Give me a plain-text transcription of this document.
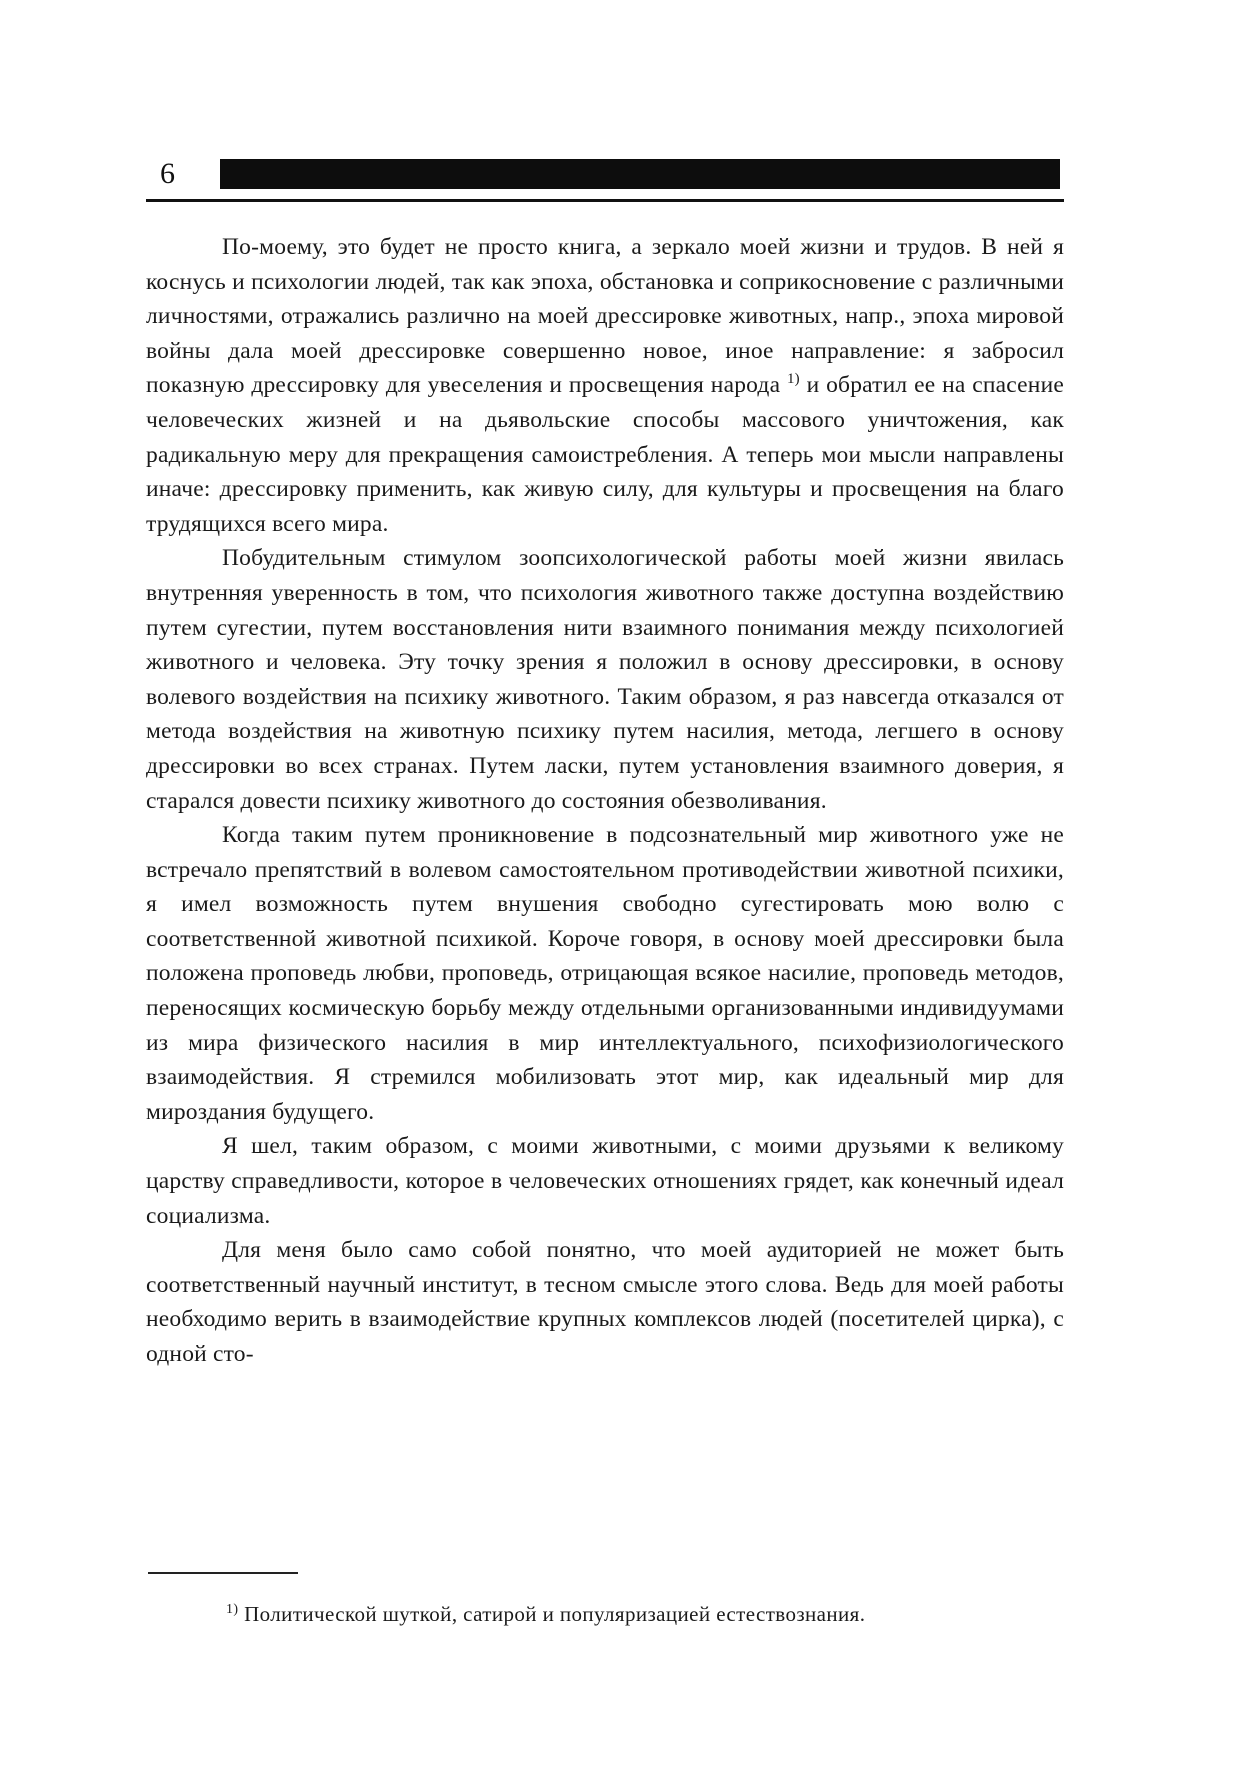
6

По-моему, это будет не просто книга, а зеркало моей жизни и трудов. В ней я коснусь и психологии людей, так как эпоха, обстановка и соприкосновение с различными личностями, отражались различно на моей дрессировке животных, напр., эпоха мировой войны дала моей дрессировке совершенно новое, иное направление: я забросил показную дрессировку для увеселения и просвещения народа $^{1)}$ и обратил ее на спасение человеческих жизней и на дьявольские способы массового уничтожения, как радикальную меру для прекращения самоистребления. А теперь мои мысли направлены иначе: дрессировку применить, как живую силу, для культуры и просвещения на благо трудящихся всего мира.

Побудительным стимулом зоопсихологической работы моей жизни явилась внутренняя уверенность в том, что психология животного также доступна воздействию путем сугестии, путем восстановления нити взаимного понимания между психологией животного и человека. Эту точку зрения я положил в основу дрессировки, в основу волевого воздействия на психику животного. Таким образом, я раз навсегда отказался от метода воздействия на животную психику путем насилия, метода, легшего в основу дрессировки во всех странах. Путем ласки, путем установления взаимного доверия, я старался довести психику животного до состояния обезволивания.

Когда таким путем проникновение в подсознательный мир животного уже не встречало препятствий в волевом самостоятельном противодействии животной психики, я имел возможность путем внушения свободно сугестировать мою волю с соответственной животной психикой. Короче говоря, в основу моей дрессировки была положена проповедь любви, проповедь, отрицающая всякое насилие, проповедь методов, переносящих космическую борьбу между отдельными организованными индивидуумами из мира физического насилия в мир интеллектуального, психофизиологического взаимодействия. Я стремился мобилизовать этот мир, как идеальный мир для мироздания будущего.

Я шел, таким образом, с моими животными, с моими друзьями к великому царству справедливости, которое в человеческих отношениях грядет, как конечный идеал социализма.

Для меня было само собой понятно, что моей аудиторией не может быть соответственный научный институт, в тесном смысле этого слова. Ведь для моей работы необходимо верить в взаимодействие крупных комплексов людей (посетителей цирка), с одной сто-

$^{1)}$ Политической шуткой, сатирой и популяризацией естествознания.
